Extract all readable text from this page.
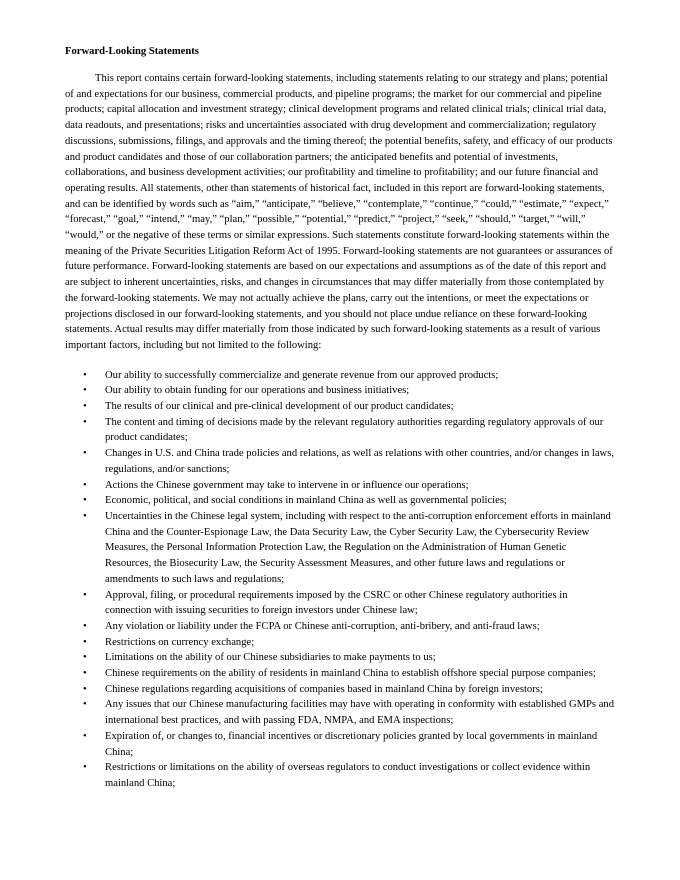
Forward-Looking Statements

This report contains certain forward-looking statements, including statements relating to our strategy and plans; potential of and expectations for our business, commercial products, and pipeline programs; the market for our commercial and pipeline products; capital allocation and investment strategy; clinical development programs and related clinical trials; clinical trial data, data readouts, and presentations; risks and uncertainties associated with drug development and commercialization; regulatory discussions, submissions, filings, and approvals and the timing thereof; the potential benefits, safety, and efficacy of our products and product candidates and those of our collaboration partners; the anticipated benefits and potential of investments, collaborations, and business development activities; our profitability and timeline to profitability; and our future financial and operating results. All statements, other than statements of historical fact, included in this report are forward-looking statements, and can be identified by words such as “aim,” “anticipate,” “believe,” “contemplate,” “continue,” “could,” “estimate,” “expect,” “forecast,” “goal,” “intend,” “may,” “plan,” “possible,” “potential,” “predict,” “project,” “seek,” “should,” “target,” “will,” “would,” or the negative of these terms or similar expressions. Such statements constitute forward-looking statements within the meaning of the Private Securities Litigation Reform Act of 1995. Forward-looking statements are not guarantees or assurances of future performance. Forward-looking statements are based on our expectations and assumptions as of the date of this report and are subject to inherent uncertainties, risks, and changes in circumstances that may differ materially from those contemplated by the forward-looking statements. We may not actually achieve the plans, carry out the intentions, or meet the expectations or projections disclosed in our forward-looking statements, and you should not place undue reliance on these forward-looking statements. Actual results may differ materially from those indicated by such forward-looking statements as a result of various important factors, including but not limited to the following:

• Our ability to successfully commercialize and generate revenue from our approved products;
• Our ability to obtain funding for our operations and business initiatives;
• The results of our clinical and pre-clinical development of our product candidates;
• The content and timing of decisions made by the relevant regulatory authorities regarding regulatory approvals of our product candidates;
• Changes in U.S. and China trade policies and relations, as well as relations with other countries, and/or changes in laws, regulations, and/or sanctions;
• Actions the Chinese government may take to intervene in or influence our operations;
• Economic, political, and social conditions in mainland China as well as governmental policies;
• Uncertainties in the Chinese legal system, including with respect to the anti-corruption enforcement efforts in mainland China and the Counter-Espionage Law, the Data Security Law, the Cyber Security Law, the Cybersecurity Review Measures, the Personal Information Protection Law, the Regulation on the Administration of Human Genetic Resources, the Biosecurity Law, the Security Assessment Measures, and other future laws and regulations or amendments to such laws and regulations;
• Approval, filing, or procedural requirements imposed by the CSRC or other Chinese regulatory authorities in connection with issuing securities to foreign investors under Chinese law;
• Any violation or liability under the FCPA or Chinese anti-corruption, anti-bribery, and anti-fraud laws;
• Restrictions on currency exchange;
• Limitations on the ability of our Chinese subsidiaries to make payments to us;
• Chinese requirements on the ability of residents in mainland China to establish offshore special purpose companies;
• Chinese regulations regarding acquisitions of companies based in mainland China by foreign investors;
• Any issues that our Chinese manufacturing facilities may have with operating in conformity with established GMPs and international best practices, and with passing FDA, NMPA, and EMA inspections;
• Expiration of, or changes to, financial incentives or discretionary policies granted by local governments in mainland China;
• Restrictions or limitations on the ability of overseas regulators to conduct investigations or collect evidence within mainland China;
